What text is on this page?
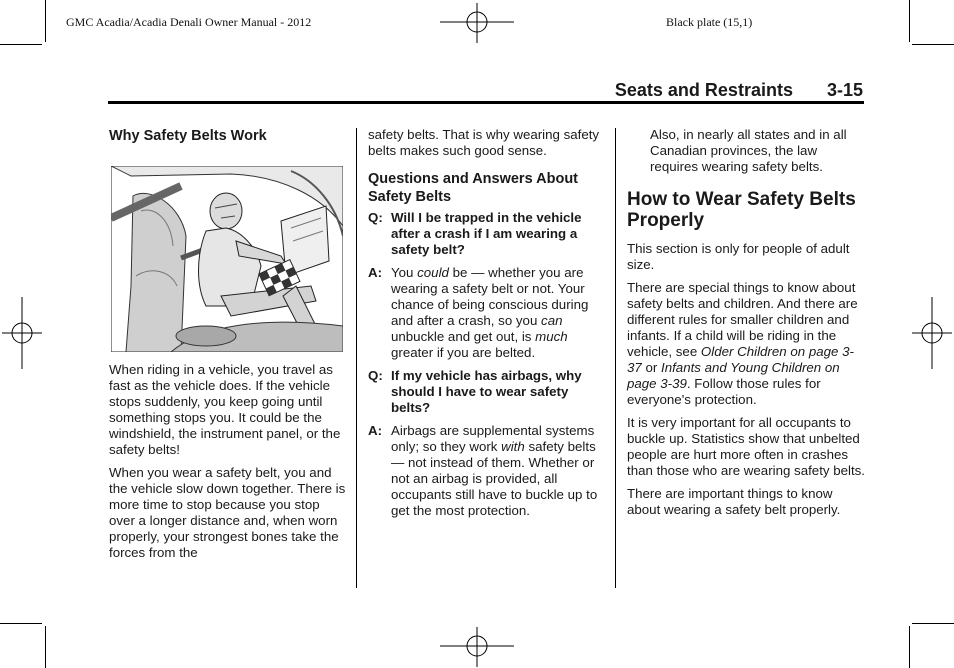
GMC Acadia/Acadia Denali Owner Manual - 2012	Black plate (15,1)
Seats and Restraints 3-15
Why Safety Belts Work

When riding in a vehicle, you travel as fast as the vehicle does. If the vehicle stops suddenly, you keep going until something stops you. It could be the windshield, the instrument panel, or the safety belts!

When you wear a safety belt, you and the vehicle slow down together. There is more time to stop because you stop over a longer distance and, when worn properly, your strongest bones take the forces from the

safety belts. That is why wearing safety belts makes such good sense.

Questions and Answers About Safety Belts
Q: Will I be trapped in the vehicle after a crash if I am wearing a safety belt?
A: You could be — whether you are wearing a safety belt or not. Your chance of being conscious during and after a crash, so you can unbuckle and get out, is much greater if you are belted.
Q: If my vehicle has airbags, why should I have to wear safety belts?
A: Airbags are supplemental systems only; so they work with safety belts — not instead of them. Whether or not an airbag is provided, all occupants still have to buckle up to get the most protection.

Also, in nearly all states and in all Canadian provinces, the law requires wearing safety belts.

How to Wear Safety Belts Properly

This section is only for people of adult size.

There are special things to know about safety belts and children. And there are different rules for smaller children and infants. If a child will be riding in the vehicle, see Older Children on page 3-37 or Infants and Young Children on page 3-39. Follow those rules for everyone's protection.

It is very important for all occupants to buckle up. Statistics show that unbelted people are hurt more often in crashes than those who are wearing safety belts.

There are important things to know about wearing a safety belt properly.
